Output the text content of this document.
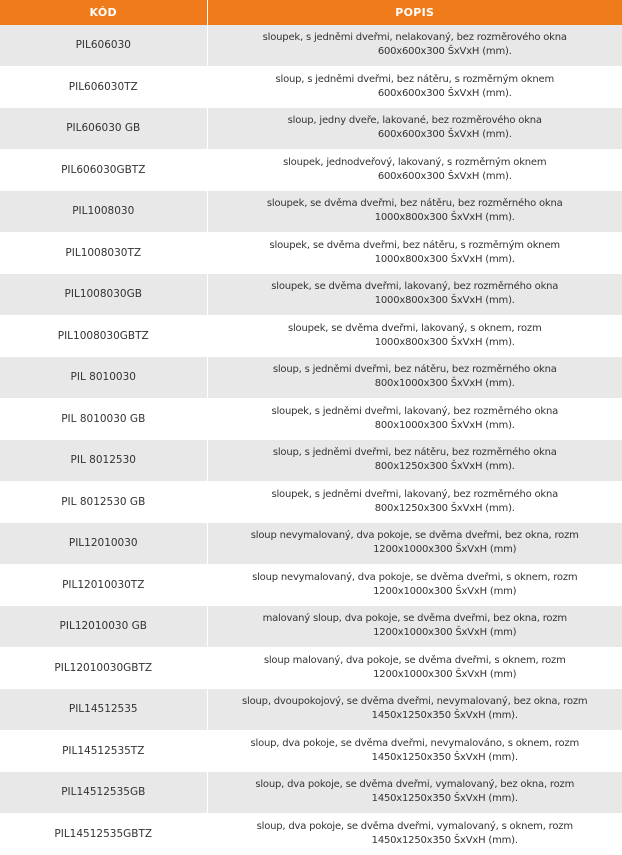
KÓD	POPIS
PIL606030	sloupek, s jedněmi dveřmi, nelakovaný, bez rozměrového okna
600x600x300 ŠxVxH (mm).

PIL606030TZ	sloup, s jedněmi dveřmi, bez nátěru, s rozměrným oknem
600x600x300 ŠxVxH (mm).

PIL606030 GB	sloup, jedny dveře, lakované, bez rozměrového okna
600x600x300 ŠxVxH (mm).

PIL606030GBTZ	sloupek, jednodveřový, lakovaný, s rozměrným oknem
600x600x300 ŠxVxH (mm).

PIL1008030	sloupek, se dvěma dveřmi, bez nátěru, bez rozměrného okna
1000x800x300 ŠxVxH (mm).

PIL1008030TZ	sloupek, se dvěma dveřmi, bez nátěru, s rozměrným oknem
1000x800x300 ŠxVxH (mm).

PIL1008030GB	sloupek, se dvěma dveřmi, lakovaný, bez rozměrného okna
1000x800x300 ŠxVxH (mm).

PIL1008030GBTZ	sloupek, se dvěma dveřmi, lakovaný, s oknem, rozm
1000x800x300 ŠxVxH (mm).

PIL 8010030	sloup, s jedněmi dveřmi, bez nátěru, bez rozměrného okna
800x1000x300 ŠxVxH (mm).

PIL 8010030 GB	sloupek, s jedněmi dveřmi, lakovaný, bez rozměrného okna
800x1000x300 ŠxVxH (mm).

PIL 8012530	sloup, s jedněmi dveřmi, bez nátěru, bez rozměrného okna
800x1250x300 ŠxVxH (mm).

PIL 8012530 GB	sloupek, s jedněmi dveřmi, lakovaný, bez rozměrného okna
800x1250x300 ŠxVxH (mm).

PIL12010030	sloup nevymalovaný, dva pokoje, se dvěma dveřmi, bez okna, rozm
1200x1000x300 ŠxVxH (mm)

PIL12010030TZ	sloup nevymalovaný, dva pokoje, se dvěma dveřmi, s oknem, rozm
1200x1000x300 ŠxVxH (mm)

PIL12010030 GB	malovaný sloup, dva pokoje, se dvěma dveřmi, bez okna, rozm
1200x1000x300 ŠxVxH (mm)

PIL12010030GBTZ	sloup malovaný, dva pokoje, se dvěma dveřmi, s oknem, rozm
1200x1000x300 ŠxVxH (mm)

PIL14512535	sloup, dvoupokojový, se dvěma dveřmi, nevymalovaný, bez okna, rozm
1450x1250x350 ŠxVxH (mm).

PIL14512535TZ	sloup, dva pokoje, se dvěma dveřmi, nevymalováno, s oknem, rozm
1450x1250x350 ŠxVxH (mm).

PIL14512535GB	sloup, dva pokoje, se dvěma dveřmi, vymalovaný, bez okna, rozm
1450x1250x350 ŠxVxH (mm).

PIL14512535GBTZ	sloup, dva pokoje, se dvěma dveřmi, vymalovaný, s oknem, rozm
1450x1250x350 ŠxVxH (mm).
